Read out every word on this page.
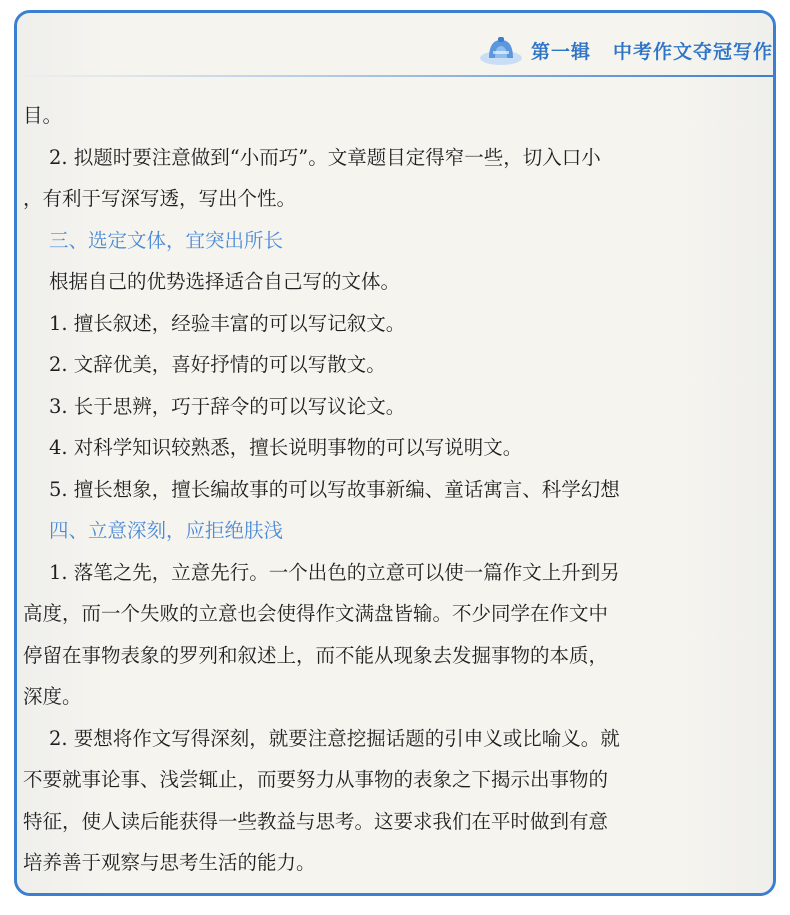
第一辑 中考作文夺冠写作
目。
2. 拟题时要注意做到“小而巧”。文章题目定得窄一些，切入口小
，有利于写深写透，写出个性。
三、选定文体，宜突出所长
根据自己的优势选择适合自己写的文体。
1. 擅长叙述，经验丰富的可以写记叙文。
2. 文辞优美，喜好抒情的可以写散文。
3. 长于思辨，巧于辞令的可以写议论文。
4. 对科学知识较熟悉，擅长说明事物的可以写说明文。
5. 擅长想象，擅长编故事的可以写故事新编、童话寓言、科学幻想
四、立意深刻，应拒绝肤浅
1. 落笔之先，立意先行。一个出色的立意可以使一篇作文上升到另
高度，而一个失败的立意也会使得作文满盘皆输。不少同学在作文中
停留在事物表象的罗列和叙述上，而不能从现象去发掘事物的本质，
深度。
2. 要想将作文写得深刻，就要注意挖掘话题的引申义或比喻义。就
不要就事论事、浅尝辄止，而要努力从事物的表象之下揭示出事物的
特征，使人读后能获得一些教益与思考。这要求我们在平时做到有意
培养善于观察与思考生活的能力。
